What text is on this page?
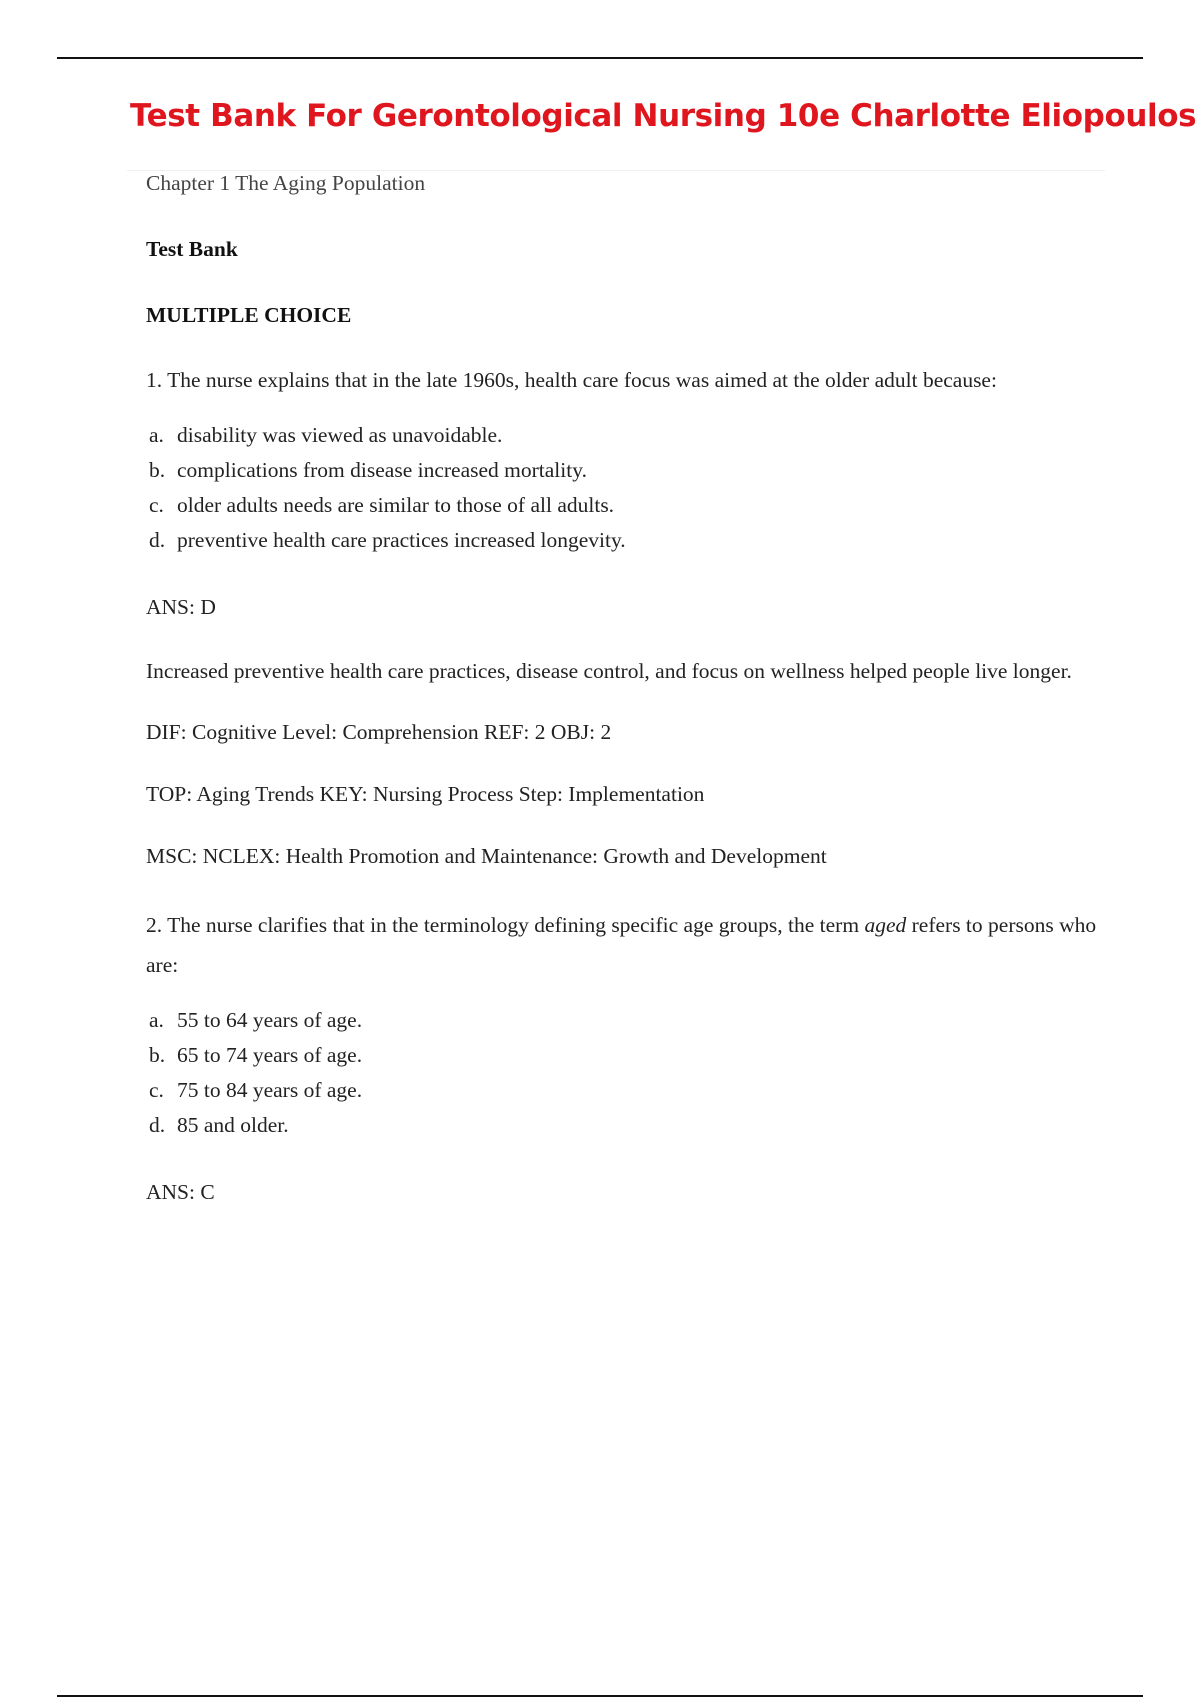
Test Bank For Gerontological Nursing 10e Charlotte Eliopoulos

Chapter 1 The Aging Population

Test Bank

MULTIPLE CHOICE

1. The nurse explains that in the late 1960s, health care focus was aimed at the older adult because:

a. disability was viewed as unavoidable.
b. complications from disease increased mortality.
c. older adults needs are similar to those of all adults.
d. preventive health care practices increased longevity.

ANS: D

Increased preventive health care practices, disease control, and focus on wellness helped people live longer.

DIF: Cognitive Level: Comprehension REF: 2 OBJ: 2

TOP: Aging Trends KEY: Nursing Process Step: Implementation

MSC: NCLEX: Health Promotion and Maintenance: Growth and Development

2. The nurse clarifies that in the terminology defining specific age groups, the term aged refers to persons who are:

a. 55 to 64 years of age.
b. 65 to 74 years of age.
c. 75 to 84 years of age.
d. 85 and older.

ANS: C
